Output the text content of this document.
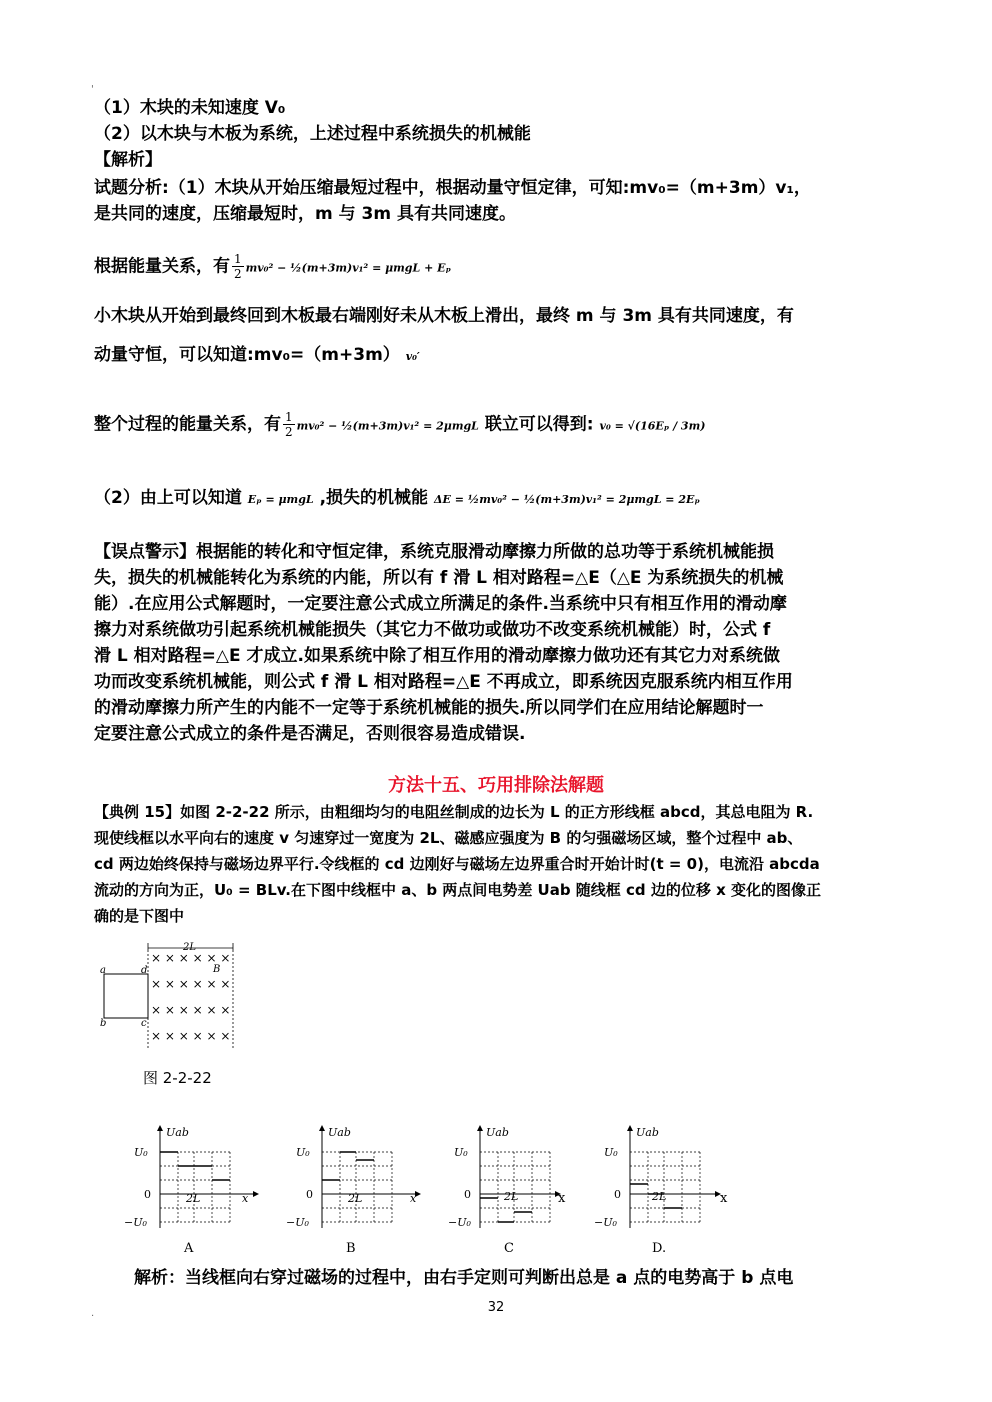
'
（1）木块的未知速度 V₀
（2）以木块与木板为系统，上述过程中系统损失的机械能
【解析】
试题分析:（1）木块从开始压缩最短过程中，根据动量守恒定律，可知:mv₀=（m+3m）v₁，
是共同的速度，压缩最短时，m 与 3m 具有共同速度。
根据能量关系，有 $\frac{1}{2} mv_0^2$ − ½(m+3m)v₁² = μmgL + Eₚ
小木块从开始到最终回到木板最右端刚好未从木板上滑出，最终 m 与 3m 具有共同速度，有
动量守恒，可以知道:mv₀=（m+3m） v₀′
整个过程的能量关系，有 $\frac{1}{2} mv_0^2$ − ½(m+3m)v₁² = 2μmgL 联立可以得到: v₀ = √(16Eₚ / 3m)
（2）由上可以知道 Eₚ = μmgL ,损失的机械能 ΔE = ½mv₀² − ½(m+3m)v₁² = 2μmgL = 2Eₚ
【误点警示】根据能的转化和守恒定律，系统克服滑动摩擦力所做的总功等于系统机械能损
失，损失的机械能转化为系统的内能，所以有 f 滑 L 相对路程=△E（△E 为系统损失的机械
能）.在应用公式解题时，一定要注意公式成立所满足的条件.当系统中只有相互作用的滑动摩
擦力对系统做功引起系统机械能损失（其它力不做功或做功不改变系统机械能）时，公式 f
滑 L 相对路程=△E 才成立.如果系统中除了相互作用的滑动摩擦力做功还有其它力对系统做
功而改变系统机械能，则公式 f 滑 L 相对路程=△E 不再成立，即系统因克服系统内相互作用
的滑动摩擦力所产生的内能不一定等于系统机械能的损失.所以同学们在应用结论解题时一
定要注意公式成立的条件是否满足，否则很容易造成错误.
方法十五、巧用排除法解题
【典例 15】如图 2-2-22 所示，由粗细均匀的电阻丝制成的边长为 L 的正方形线框 abcd，其总电阻为 R.
现使线框以水平向右的速度 v 匀速穿过一宽度为 2L、磁感应强度为 B 的匀强磁场区域，整个过程中 ab、
cd 两边始终保持与磁场边界平行.令线框的 cd 边刚好与磁场左边界重合时开始计时(t = 0)，电流沿 abcda
流动的方向为正，U₀ = BLv.在下图中线框中 a、b 两点间电势差 Uab 随线框 cd 边的位移 x 变化的图像正
确的是下图中
2L
a
b	c
d	B
× × × × × ×
× × × × × ×
× × × × × ×
× × × × × ×
图 2-2-22
Uab
U₀
0
−U₀
2L	x
A
Uab
U₀
0
−U₀
2L	x
B
Uab
U₀
0
−U₀
2L	x
C
Uab
U₀
0
−U₀
2L	x
D.
解析：当线框向右穿过磁场的过程中，由右手定则可判断出总是 a 点的电势高于 b 点电
32
.
